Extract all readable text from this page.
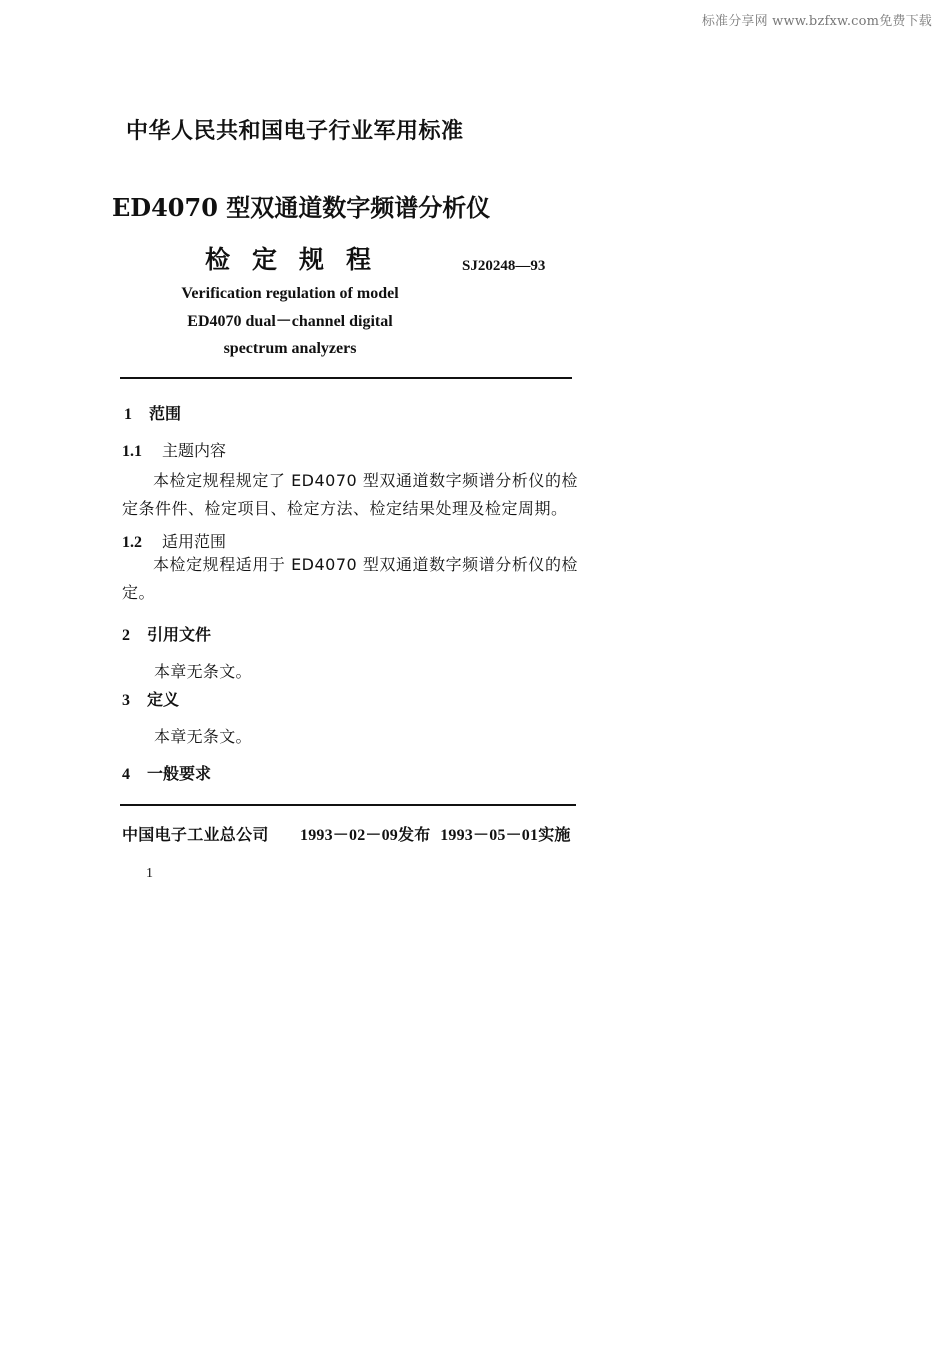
标准分享网 www.bzfxw.com免费下载
中华人民共和国电子行业军用标准
ED4070 型双通道数字频谱分析仪
检定规程	SJ20248—93
Verification regulation of model ED4070 dual－channel digital spectrum analyzers
1 范围
1.1 主题内容
本检定规程规定了 ED4070 型双通道数字频谱分析仪的检定条件件、检定项目、检定方法、检定结果处理及检定周期。
1.2 适用范围
本检定规程适用于 ED4070 型双通道数字频谱分析仪的检定。
2 引用文件
本章无条文。
3 定义
本章无条文。
4 一般要求
中国电子工业总公司 1993－02－09发布 1993－05－01实施
1
